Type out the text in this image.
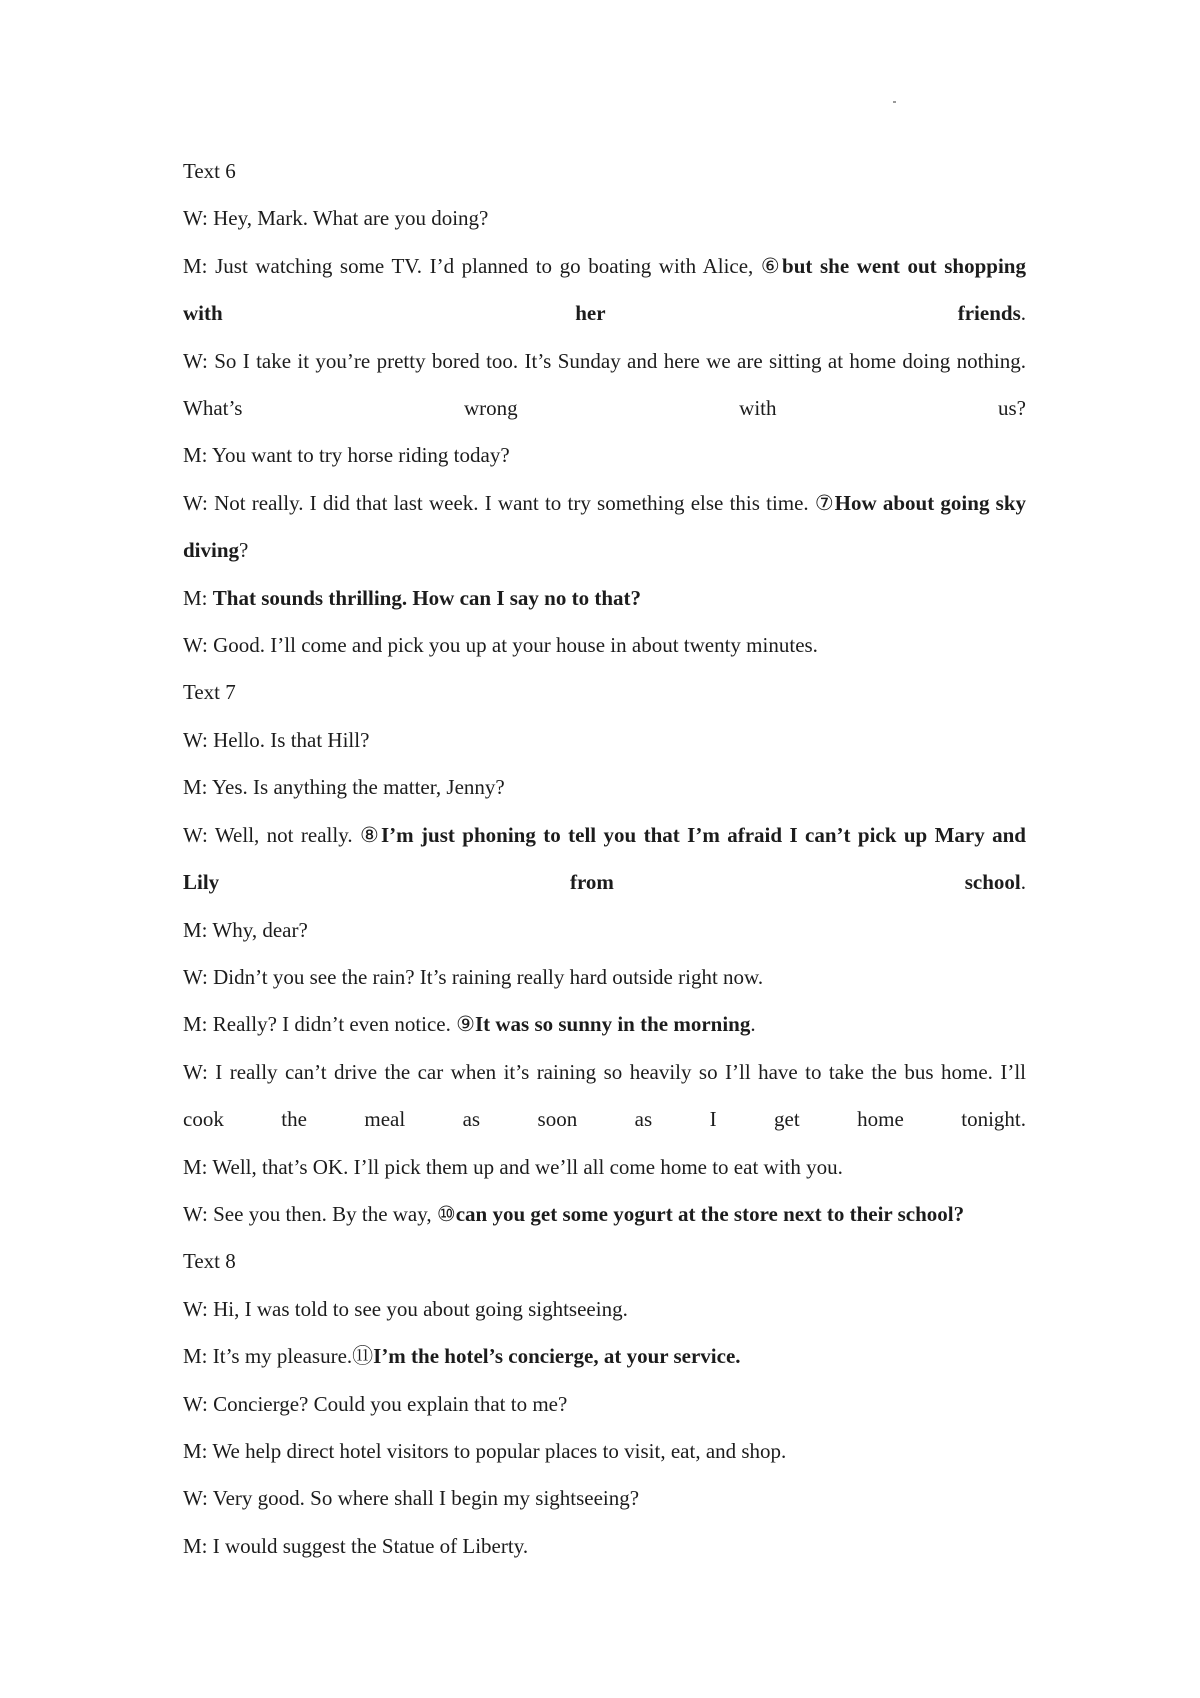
Text 6

W: Hey, Mark. What are you doing?

M: Just watching some TV. I’d planned to go boating with Alice, ⑥but she went out shopping with her friends.
W: So I take it you’re pretty bored too. It’s Sunday and here we are sitting at home doing nothing. What’s wrong with us?

M: You want to try horse riding today?

W: Not really. I did that last week. I want to try something else this time. ⑦How about going sky diving?

M: That sounds thrilling. How can I say no to that?

W: Good. I’ll come and pick you up at your house in about twenty minutes.

Text 7

W: Hello. Is that Hill?

M: Yes. Is anything the matter, Jenny?

W: Well, not really. ⑧I’m just phoning to tell you that I’m afraid I can’t pick up Mary and Lily from school.

M: Why, dear?

W: Didn’t you see the rain? It’s raining really hard outside right now.

M: Really? I didn’t even notice. ⑨It was so sunny in the morning.

W: I really can’t drive the car when it’s raining so heavily so I’ll have to take the bus home. I’ll cook the meal as soon as I get home tonight.

M: Well, that’s OK. I’ll pick them up and we’ll all come home to eat with you.

W: See you then. By the way, ⑩can you get some yogurt at the store next to their school?

Text 8

W: Hi, I was told to see you about going sightseeing.

M: It’s my pleasure.⑪I’m the hotel’s concierge, at your service.

W: Concierge? Could you explain that to me?

M: We help direct hotel visitors to popular places to visit, eat, and shop.

W: Very good. So where shall I begin my sightseeing?

M: I would suggest the Statue of Liberty.
